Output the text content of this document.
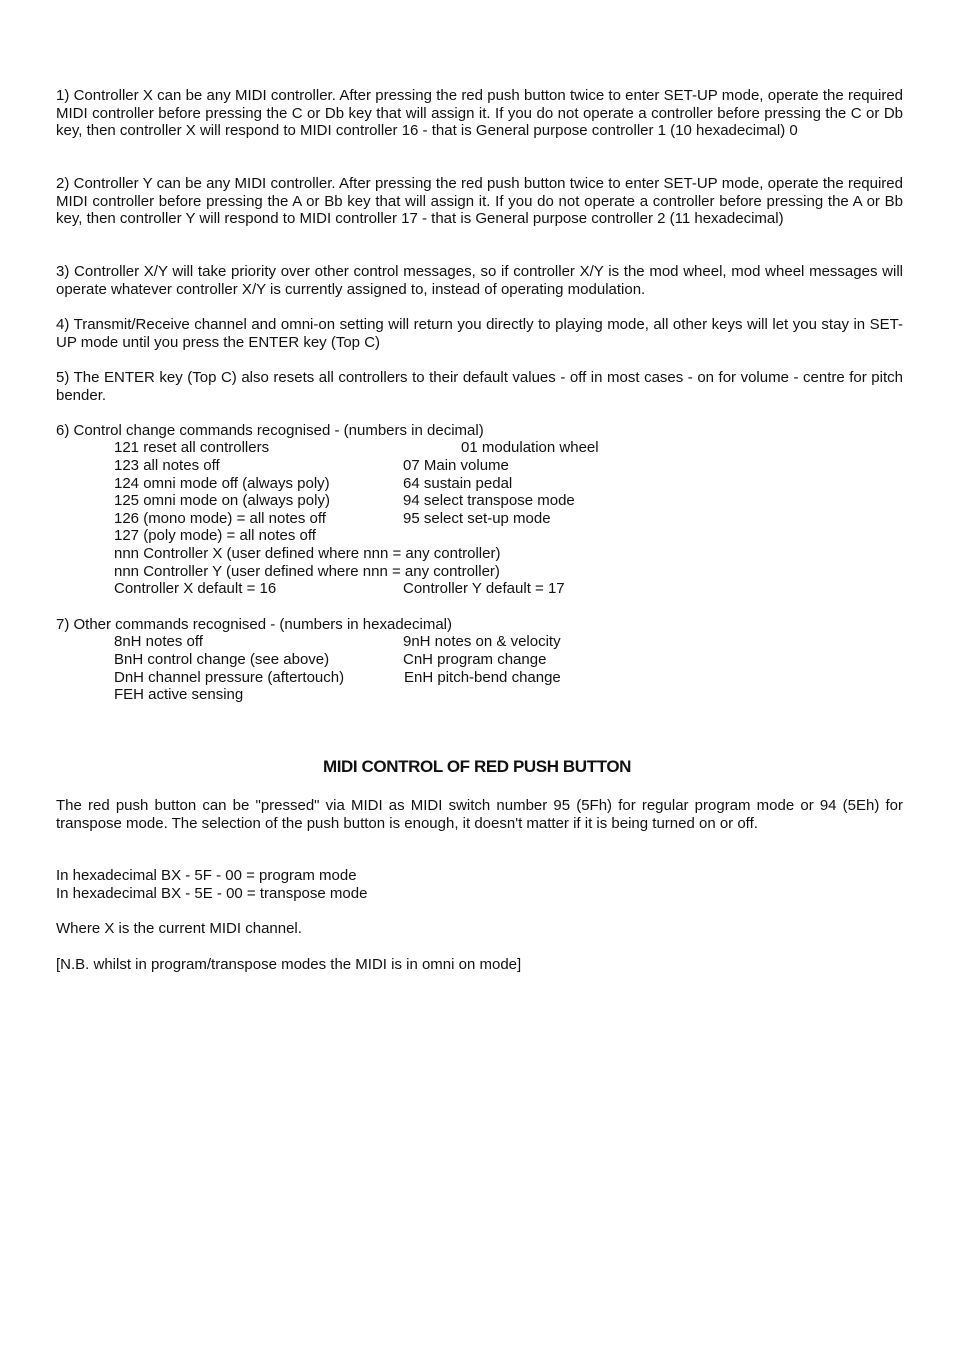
1) Controller X can be any MIDI controller. After pressing the red push button twice to enter SET-UP mode, operate the required MIDI controller before pressing the C or Db key that will assign it. If you do not operate a controller before pressing the C or Db key, then controller X will respond to MIDI controller 16 - that is General purpose controller 1 (10 hexadecimal) 0

2) Controller Y can be any MIDI controller. After pressing the red push button twice to enter SET-UP mode, operate the required MIDI controller before pressing the A or Bb key that will assign it. If you do not operate a controller before pressing the A or Bb key, then controller Y will respond to MIDI controller 17 - that is General purpose controller 2 (11 hexadecimal)

3) Controller X/Y will take priority over other control messages, so if controller X/Y is the mod wheel, mod wheel messages will operate whatever controller X/Y is currently assigned to, instead of operating modulation.

4) Transmit/Receive channel and omni-on setting will return you directly to playing mode, all other keys will let you stay in SET-UP mode until you press the ENTER key (Top C)

5) The ENTER key (Top C) also resets all controllers to their default values - off in most cases - on for volume - centre for pitch bender.

6) Control change commands recognised - (numbers in decimal)

121 reset all controllers	01 modulation wheel

123 all notes off	07 Main volume

124 omni mode off (always poly)	64 sustain pedal

125 omni mode on (always poly)	94 select transpose mode

126 (mono mode) = all notes off	95 select set-up mode

127 (poly mode) = all notes off

nnn Controller X (user defined where nnn = any controller)

nnn Controller Y (user defined where nnn = any controller)

Controller X default = 16	Controller Y default = 17

7) Other commands recognised - (numbers in hexadecimal)

8nH notes off	9nH notes on & velocity

BnH control change (see above)	CnH program change

DnH channel pressure (aftertouch)	EnH pitch-bend change

FEH active sensing

MIDI CONTROL OF RED PUSH BUTTON

The red push button can be "pressed" via MIDI as MIDI switch number 95 (5Fh) for regular program mode or 94 (5Eh) for transpose mode. The selection of the push button is enough, it doesn't matter if it is being turned on or off.

In hexadecimal BX - 5F - 00 = program mode

In hexadecimal BX - 5E - 00 = transpose mode

Where X is the current MIDI channel.

[N.B. whilst in program/transpose modes the MIDI is in omni on mode]
